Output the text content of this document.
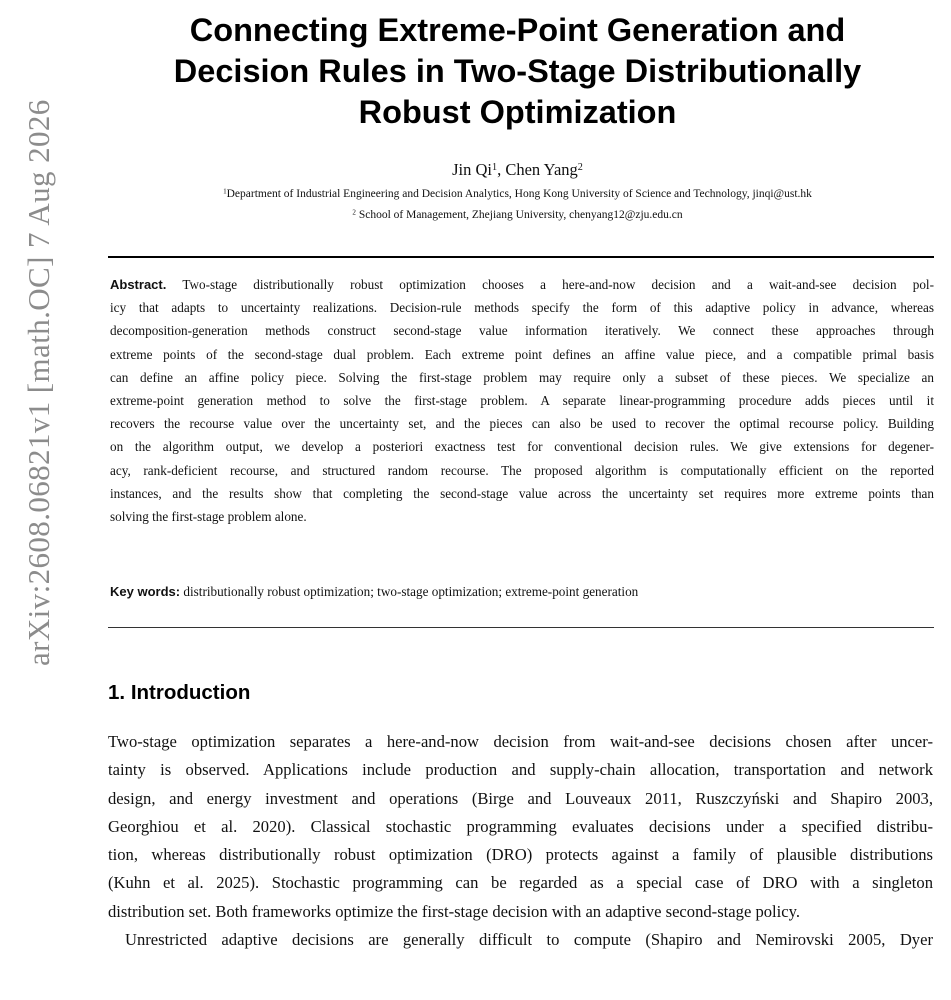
arXiv:2608.06821v1 [math.OC] 7 Aug 2026
Connecting Extreme-Point Generation and
Decision Rules in Two-Stage Distributionally
Robust Optimization
Jin Qi$^1$, Chen Yang$^2$
$^1$Department of Industrial Engineering and Decision Analytics, Hong Kong University of Science and Technology, jinqi@ust.hk
$^2$ School of Management, Zhejiang University, chenyang12@zju.edu.cn
Abstract. Two-stage distributionally robust optimization chooses a here-and-now decision and a wait-and-see decision pol-
icy that adapts to uncertainty realizations. Decision-rule methods specify the form of this adaptive policy in advance, whereas
decomposition-generation methods construct second-stage value information iteratively. We connect these approaches through
extreme points of the second-stage dual problem. Each extreme point defines an affine value piece, and a compatible primal basis
can define an affine policy piece. Solving the first-stage problem may require only a subset of these pieces. We specialize an
extreme-point generation method to solve the first-stage problem. A separate linear-programming procedure adds pieces until it
recovers the recourse value over the uncertainty set, and the pieces can also be used to recover the optimal recourse policy. Building
on the algorithm output, we develop a posteriori exactness test for conventional decision rules. We give extensions for degener-
acy, rank-deficient recourse, and structured random recourse. The proposed algorithm is computationally efficient on the reported
instances, and the results show that completing the second-stage value across the uncertainty set requires more extreme points than
solving the first-stage problem alone.
Key words: distributionally robust optimization; two-stage optimization; extreme-point generation
1. Introduction
Two-stage optimization separates a here-and-now decision from wait-and-see decisions chosen after uncer-
tainty is observed. Applications include production and supply-chain allocation, transportation and network
design, and energy investment and operations (Birge and Louveaux 2011, Ruszczyński and Shapiro 2003,
Georghiou et al. 2020). Classical stochastic programming evaluates decisions under a specified distribu-
tion, whereas distributionally robust optimization (DRO) protects against a family of plausible distributions
(Kuhn et al. 2025). Stochastic programming can be regarded as a special case of DRO with a singleton
distribution set. Both frameworks optimize the first-stage decision with an adaptive second-stage policy.
Unrestricted adaptive decisions are generally difficult to compute (Shapiro and Nemirovski 2005, Dyer
